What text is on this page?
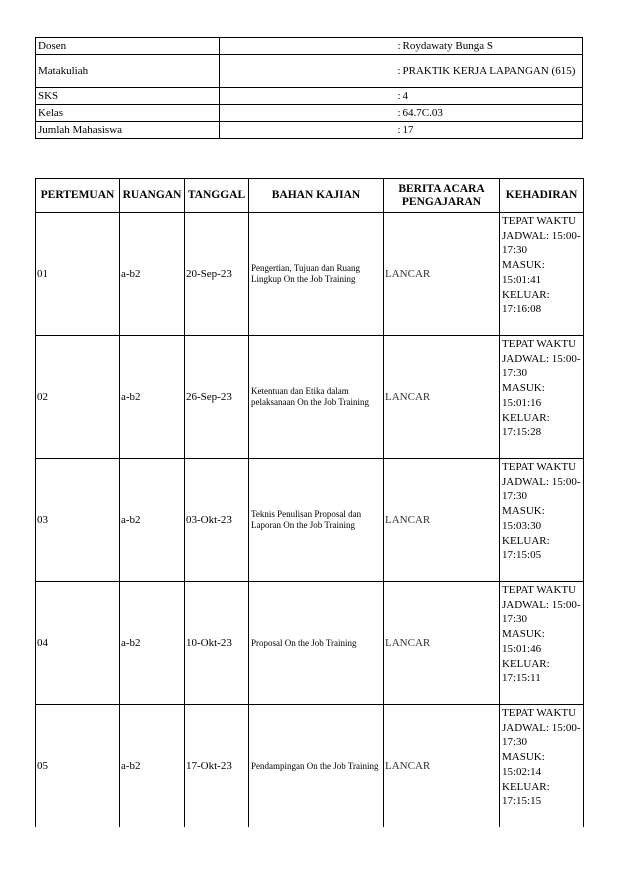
Dosen		:	Roydawaty Bunga S
Matakuliah		:	PRAKTIK KERJA LAPANGAN (615)
SKS		:	4
Kelas		:	64.7C.03
Jumlah Mahasiswa		:	17
PERTEMUAN	RUANGAN	TANGGAL	BAHAN KAJIAN	BERITA ACARA PENGAJARAN	KEHADIRAN
01	a-b2	20-Sep-23	Pengertian, Tujuan dan Ruang Lingkup On the Job Training	LANCAR	TEPAT WAKTU
JADWAL: 15:00-17:30
MASUK: 15:01:41
KELUAR: 17:16:08

02	a-b2	26-Sep-23	Ketentuan dan Etika dalam pelaksanaan On the Job Training	LANCAR	TEPAT WAKTU
JADWAL: 15:00-17:30
MASUK: 15:01:16
KELUAR: 17:15:28

03	a-b2	03-Okt-23	Teknis Penulisan Proposal dan Laporan On the Job Training	LANCAR	TEPAT WAKTU
JADWAL: 15:00-17:30
MASUK: 15:03:30
KELUAR: 17:15:05

04	a-b2	10-Okt-23	Proposal On the Job Training	LANCAR	TEPAT WAKTU
JADWAL: 15:00-17:30
MASUK: 15:01:46
KELUAR: 17:15:11

05	a-b2	17-Okt-23	Pendampingan On the Job Training	LANCAR	TEPAT WAKTU
JADWAL: 15:00-17:30
MASUK: 15:02:14
KELUAR: 17:15:15
